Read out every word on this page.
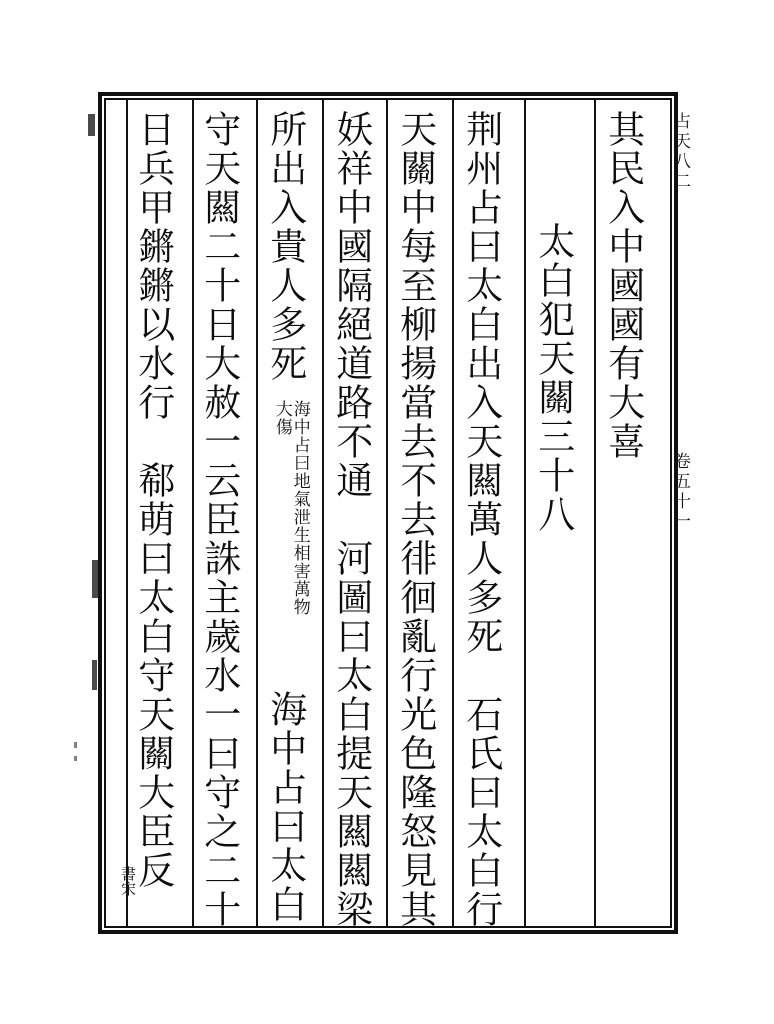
占天八二
卷五十一
其民入中國國有大喜
太白犯天關三十八
荆州占曰太白出入天闗萬人多死　石氏曰太白行
天關中每至柳揚當去不去徘徊亂行光色隆怒見其
妖祥中國隔絕道路不通　河圖曰太白提天闗闗梁
所出入貴人多死
海中占曰地氣泄生相害萬物大傷
海中占曰太白
守天闗二十日大赦一云臣誅主歲水一曰守之二十
日兵甲鏘鏘以水行　郗萌曰太白守天關大臣反
書宋
